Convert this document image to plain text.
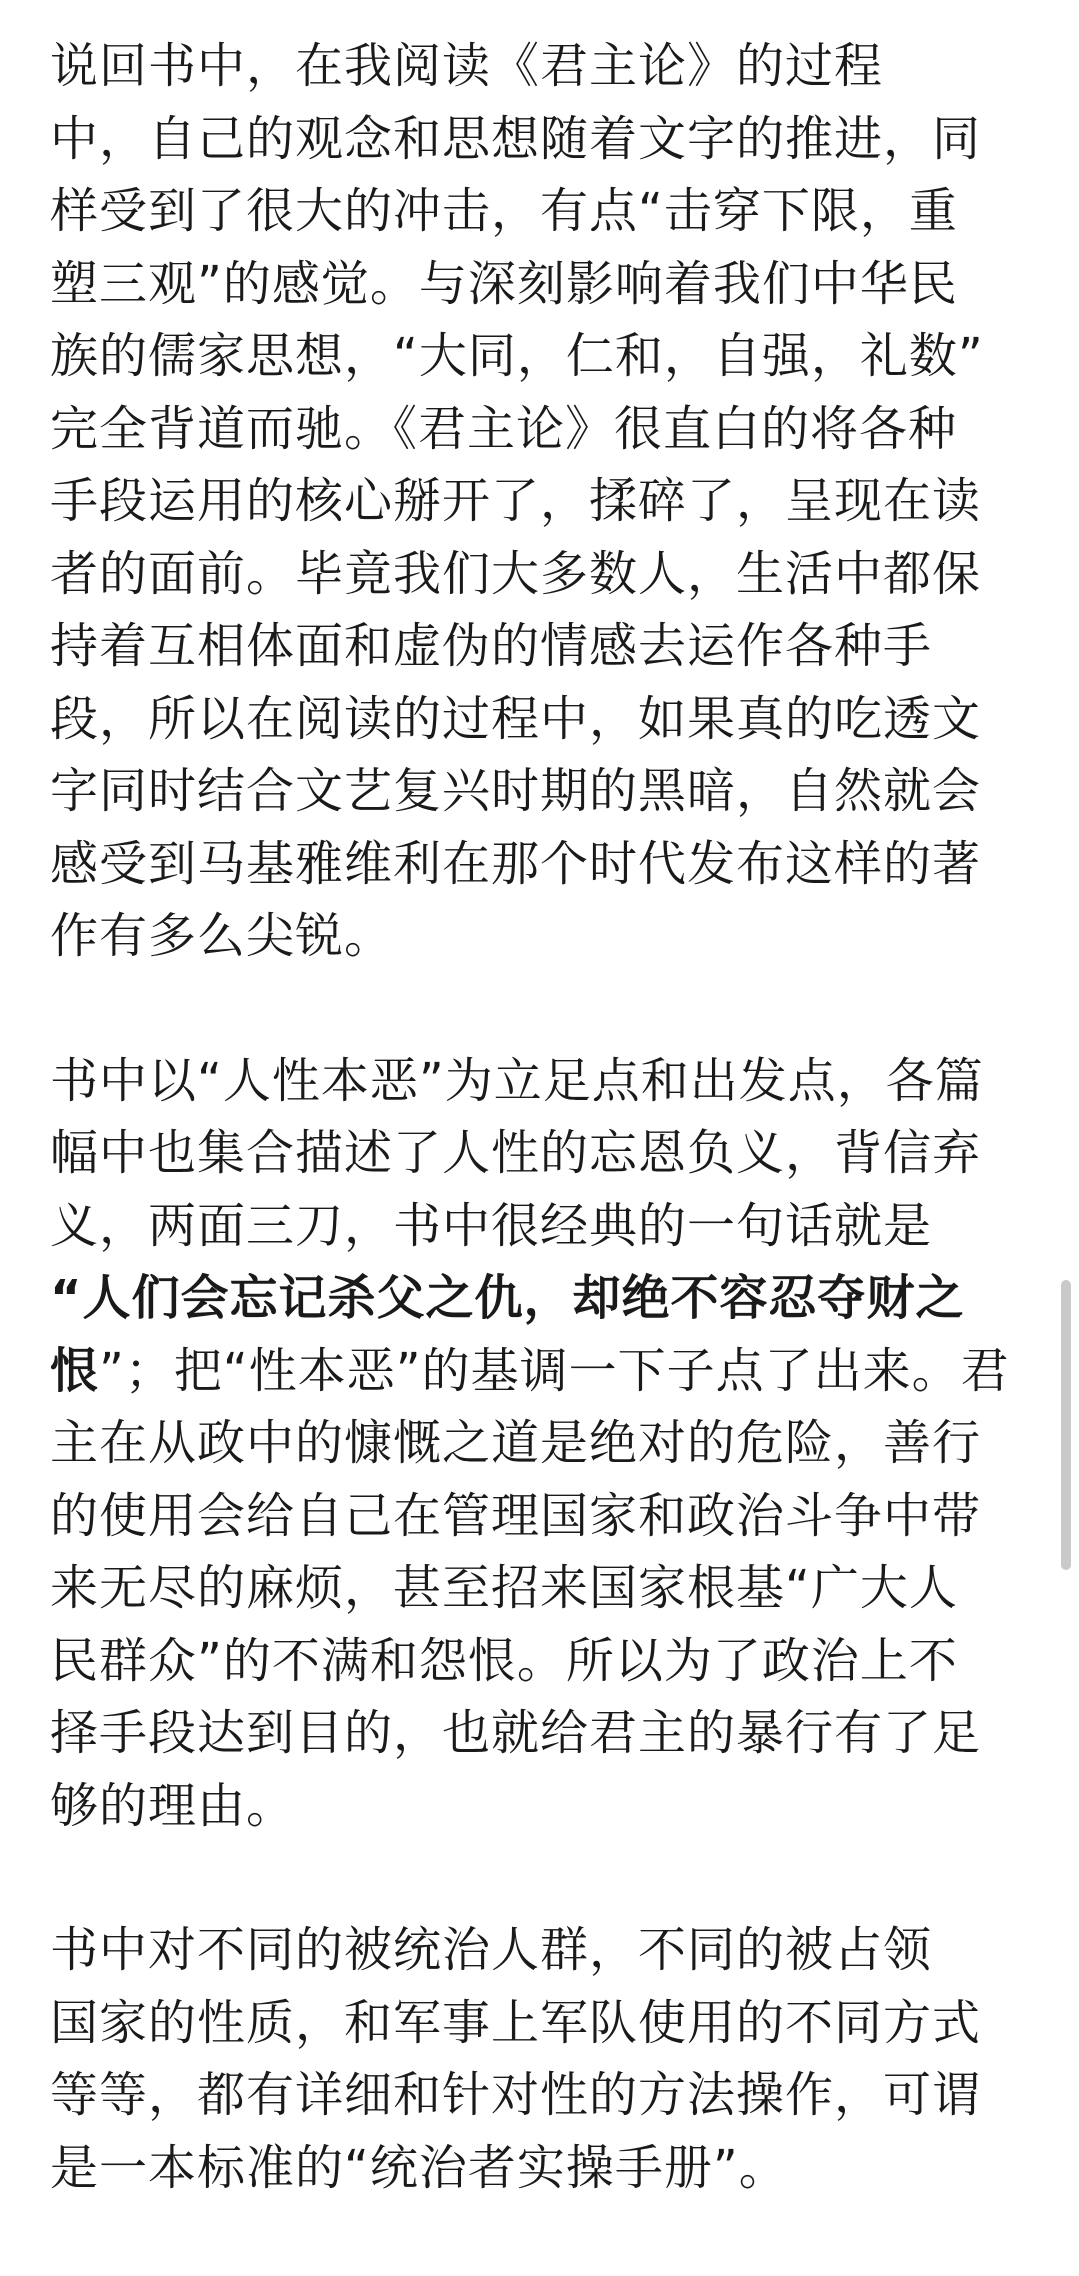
说回书中，在我阅读《君主论》的过程
中，自己的观念和思想随着文字的推进，同
样受到了很大的冲击，有点“击穿下限，重
塑三观”的感觉。与深刻影响着我们中华民
族的儒家思想，“大同，仁和，自强，礼数”
完全背道而驰。《君主论》很直白的将各种
手段运用的核心掰开了，揉碎了，呈现在读
者的面前。毕竟我们大多数人，生活中都保
持着互相体面和虚伪的情感去运作各种手
段，所以在阅读的过程中，如果真的吃透文
字同时结合文艺复兴时期的黑暗，自然就会
感受到马基雅维利在那个时代发布这样的著
作有多么尖锐。
书中以“人性本恶”为立足点和出发点，各篇
幅中也集合描述了人性的忘恩负义，背信弃
义，两面三刀，书中很经典的一句话就是
“人们会忘记杀父之仇，却绝不容忍夺财之
恨”；把“性本恶”的基调一下子点了出来。君
主在从政中的慷慨之道是绝对的危险，善行
的使用会给自己在管理国家和政治斗争中带
来无尽的麻烦，甚至招来国家根基“广大人
民群众”的不满和怨恨。所以为了政治上不
择手段达到目的，也就给君主的暴行有了足
够的理由。
书中对不同的被统治人群，不同的被占领
国家的性质，和军事上军队使用的不同方式
等等，都有详细和针对性的方法操作，可谓
是一本标准的“统治者实操手册”。
